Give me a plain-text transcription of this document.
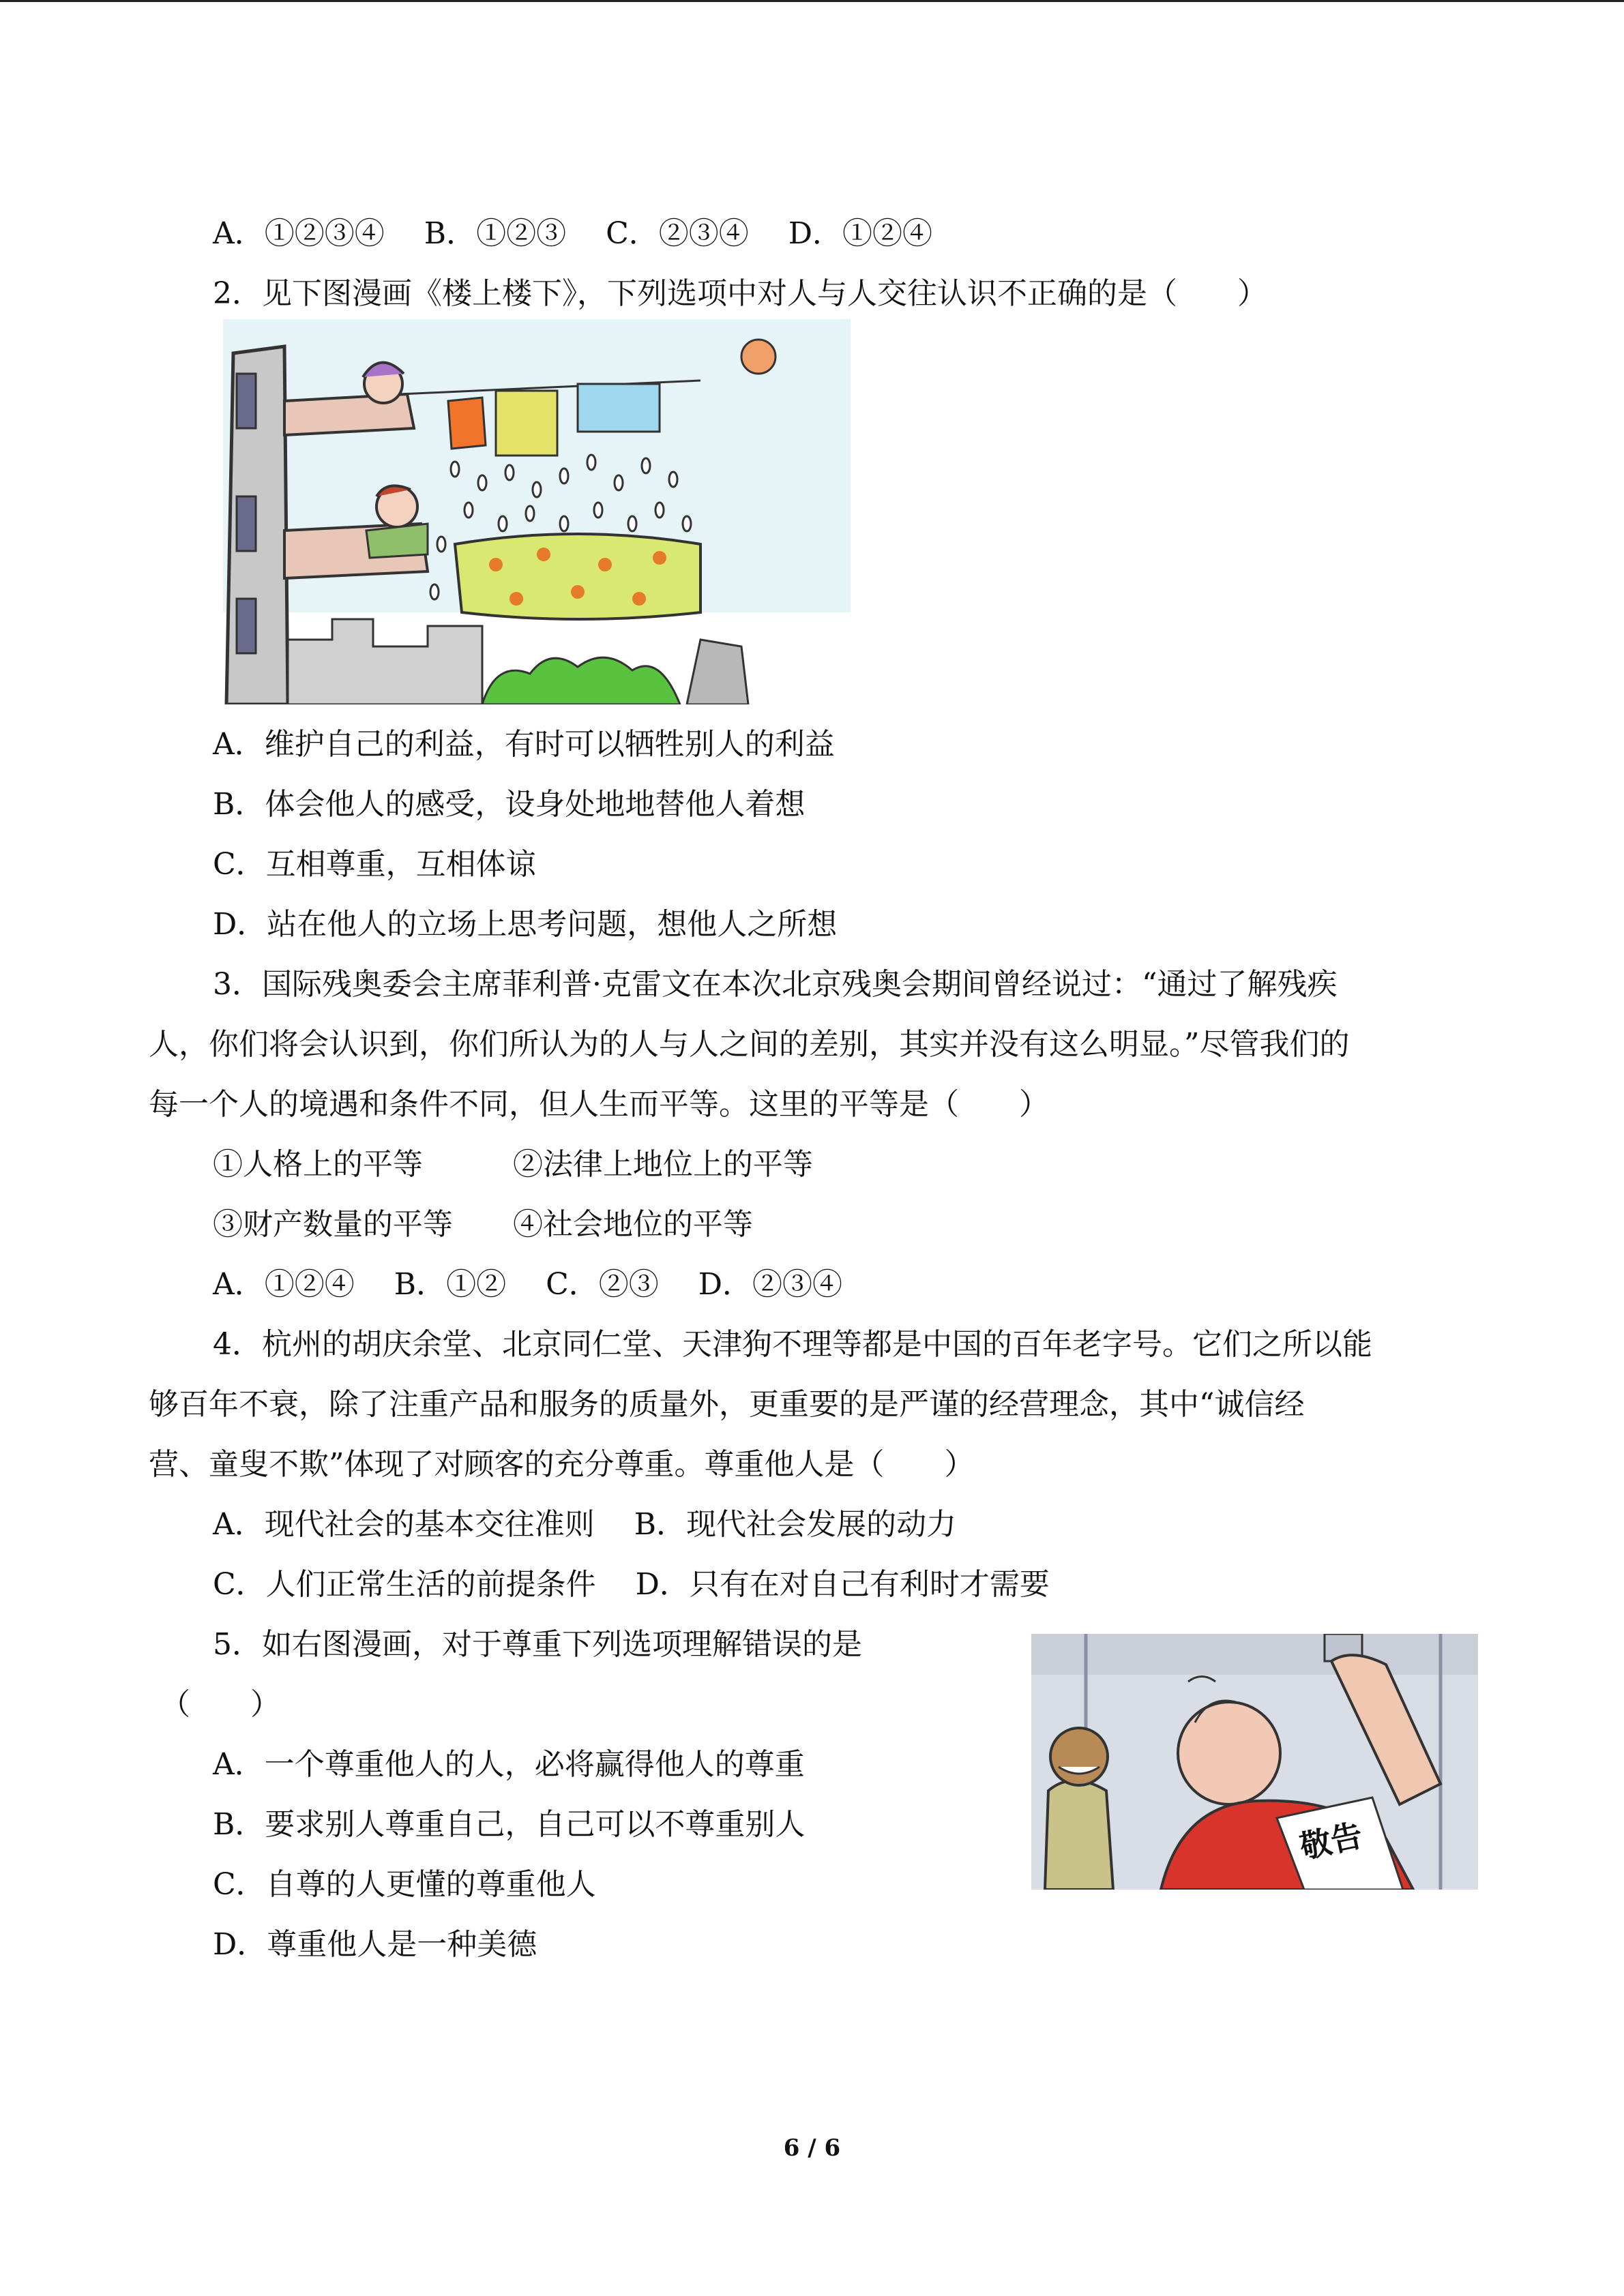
A．①②③④　 B．①②③　 C．②③④　 D．①②④
2．见下图漫画《楼上楼下》，下列选项中对人与人交往认识不正确的是（　　）
A．维护自己的利益，有时可以牺牲别人的利益
B．体会他人的感受，设身处地地替他人着想
C．互相尊重，互相体谅
D．站在他人的立场上思考问题，想他人之所想
3．国际残奥委会主席菲利普·克雷文在本次北京残奥会期间曾经说过：“通过了解残疾
人，你们将会认识到，你们所认为的人与人之间的差别，其实并没有这么明显。”尽管我们的
每一个人的境遇和条件不同，但人生而平等。这里的平等是（　　）
①人格上的平等　　　②法律上地位上的平等
③财产数量的平等　　④社会地位的平等
A．①②④　 B．①②　 C．②③　 D．②③④
4．杭州的胡庆余堂、北京同仁堂、天津狗不理等都是中国的百年老字号。它们之所以能
够百年不衰，除了注重产品和服务的质量外，更重要的是严谨的经营理念，其中“诚信经
营、童叟不欺”体现了对顾客的充分尊重。尊重他人是（　　）
A．现代社会的基本交往准则　 B．现代社会发展的动力
C．人们正常生活的前提条件　 D．只有在对自己有利时才需要
5．如右图漫画，对于尊重下列选项理解错误的是
（　　）
A．一个尊重他人的人，必将赢得他人的尊重
B．要求别人尊重自己，自己可以不尊重别人
C．自尊的人更懂的尊重他人
D．尊重他人是一种美德
敬告
6 / 6
